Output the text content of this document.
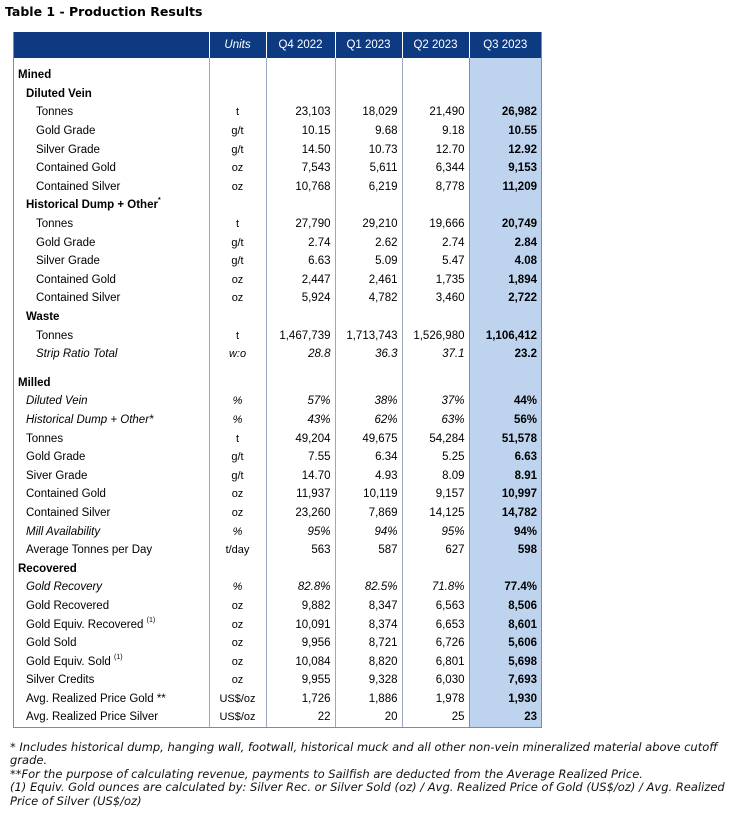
Table 1 - Production Results
	Units	Q4 2022	Q1 2023	Q2 2023	Q3 2023

Mined					
Diluted Vein					
Tonnes	t	23,103	18,029	21,490	26,982
Gold Grade	g/t	10.15	9.68	9.18	10.55
Silver Grade	g/t	14.50	10.73	12.70	12.92
Contained Gold	oz	7,543	5,611	6,344	9,153
Contained Silver	oz	10,768	6,219	8,778	11,209
Historical Dump + Other*					
Tonnes	t	27,790	29,210	19,666	20,749
Gold Grade	g/t	2.74	2.62	2.74	2.84
Silver Grade	g/t	6.63	5.09	5.47	4.08
Contained Gold	oz	2,447	2,461	1,735	1,894
Contained Silver	oz	5,924	4,782	3,460	2,722
Waste					
Tonnes	t	1,467,739	1,713,743	1,526,980	1,106,412
Strip Ratio Total	w:o	28.8	36.3	37.1	23.2

Milled					
Diluted Vein	%	57%	38%	37%	44%
Historical Dump + Other*	%	43%	62%	63%	56%
Tonnes	t	49,204	49,675	54,284	51,578
Gold Grade	g/t	7.55	6.34	5.25	6.63
Siver Grade	g/t	14.70	4.93	8.09	8.91
Contained Gold	oz	11,937	10,119	9,157	10,997
Contained Silver	oz	23,260	7,869	14,125	14,782
Mill Availability	%	95%	94%	95%	94%
Average Tonnes per Day	t/day	563	587	627	598
Recovered					
Gold Recovery	%	82.8%	82.5%	71.8%	77.4%
Gold Recovered	oz	9,882	8,347	6,563	8,506
Gold Equiv. Recovered $^{(1)}$	oz	10,091	8,374	6,653	8,601
Gold Sold	oz	9,956	8,721	6,726	5,606
Gold Equiv. Sold $^{(1)}$	oz	10,084	8,820	6,801	5,698
Silver Credits	oz	9,955	9,328	6,030	7,693
Avg. Realized Price Gold **	US$/oz	1,726	1,886	1,978	1,930
Avg. Realized Price Silver	US$/oz	22	20	25	23
* Includes historical dump, hanging wall, footwall, historical muck and all other non-vein mineralized material above cutoff grade.
**For the purpose of calculating revenue, payments to Sailfish are deducted from the Average Realized Price.
(1) Equiv. Gold ounces are calculated by: Silver Rec. or Silver Sold (oz) / Avg. Realized Price of Gold (US$/oz) / Avg. Realized Price of Silver (US$/oz)
